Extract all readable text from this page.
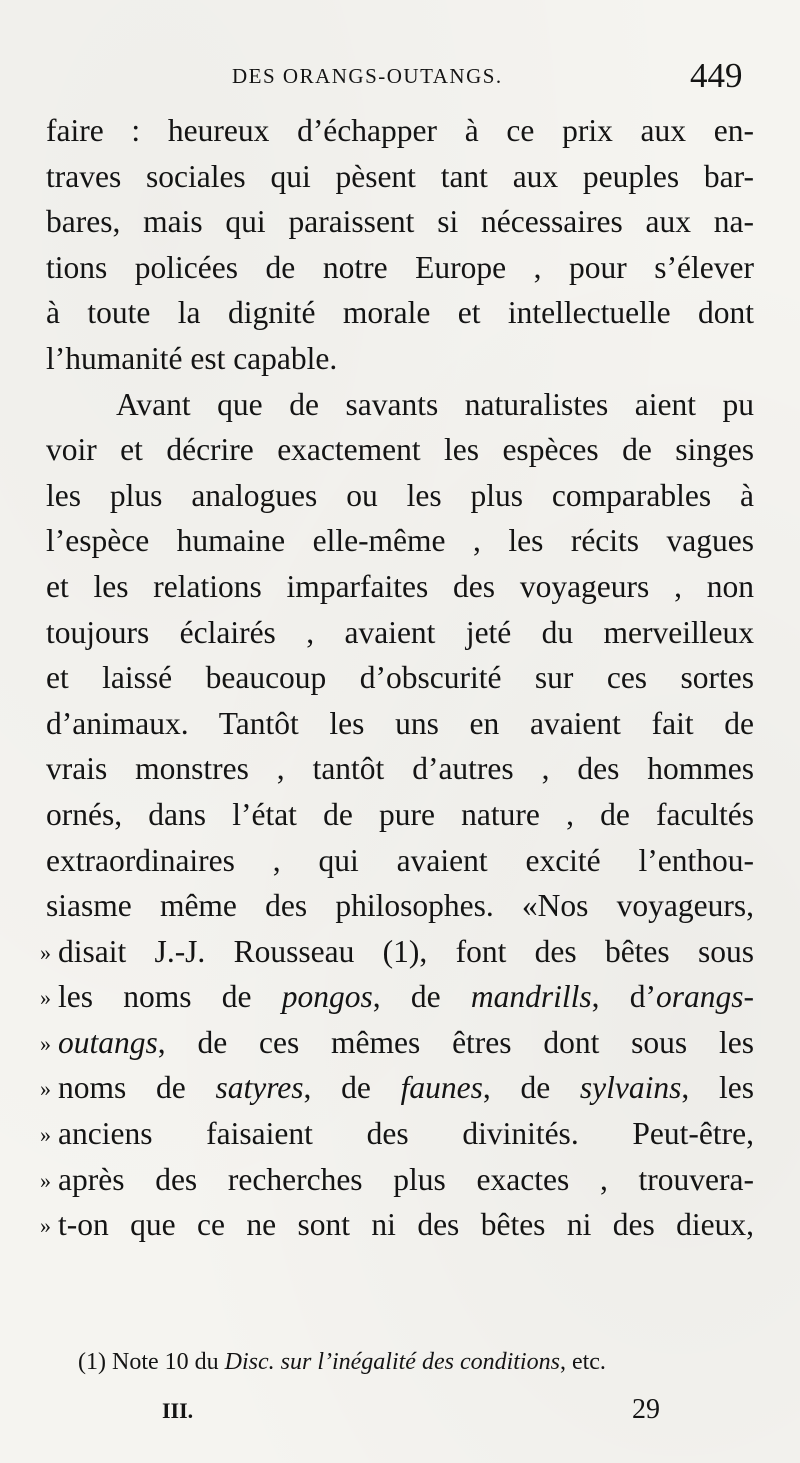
DES ORANGS-OUTANGS.	449
faire : heureux d’échapper à ce prix aux en-
traves sociales qui pèsent tant aux peuples bar-
bares, mais qui paraissent si nécessaires aux na-
tions policées de notre Europe , pour s’élever
à toute la dignité morale et intellectuelle dont
l’humanité est capable.
Avant que de savants naturalistes aient pu
voir et décrire exactement les espèces de singes
les plus analogues ou les plus comparables à
l’espèce humaine elle-même , les récits vagues
et les relations imparfaites des voyageurs , non
toujours éclairés , avaient jeté du merveilleux
et laissé beaucoup d’obscurité sur ces sortes
d’animaux. Tantôt les uns en avaient fait de
vrais monstres , tantôt d’autres , des hommes
ornés, dans l’état de pure nature , de facultés
extraordinaires , qui avaient excité l’enthou-
siasme même des philosophes. «Nos voyageurs,
» disait J.-J. Rousseau (1), font des bêtes sous
» les noms de pongos, de mandrills, d’orangs-
» outangs, de ces mêmes êtres dont sous les
» noms de satyres, de faunes, de sylvains, les
» anciens faisaient des divinités. Peut-être,
» après des recherches plus exactes , trouvera-
» t-on que ce ne sont ni des bêtes ni des dieux,
(1) Note 10 du Disc. sur l’inégalité des conditions, etc.
III.	29
